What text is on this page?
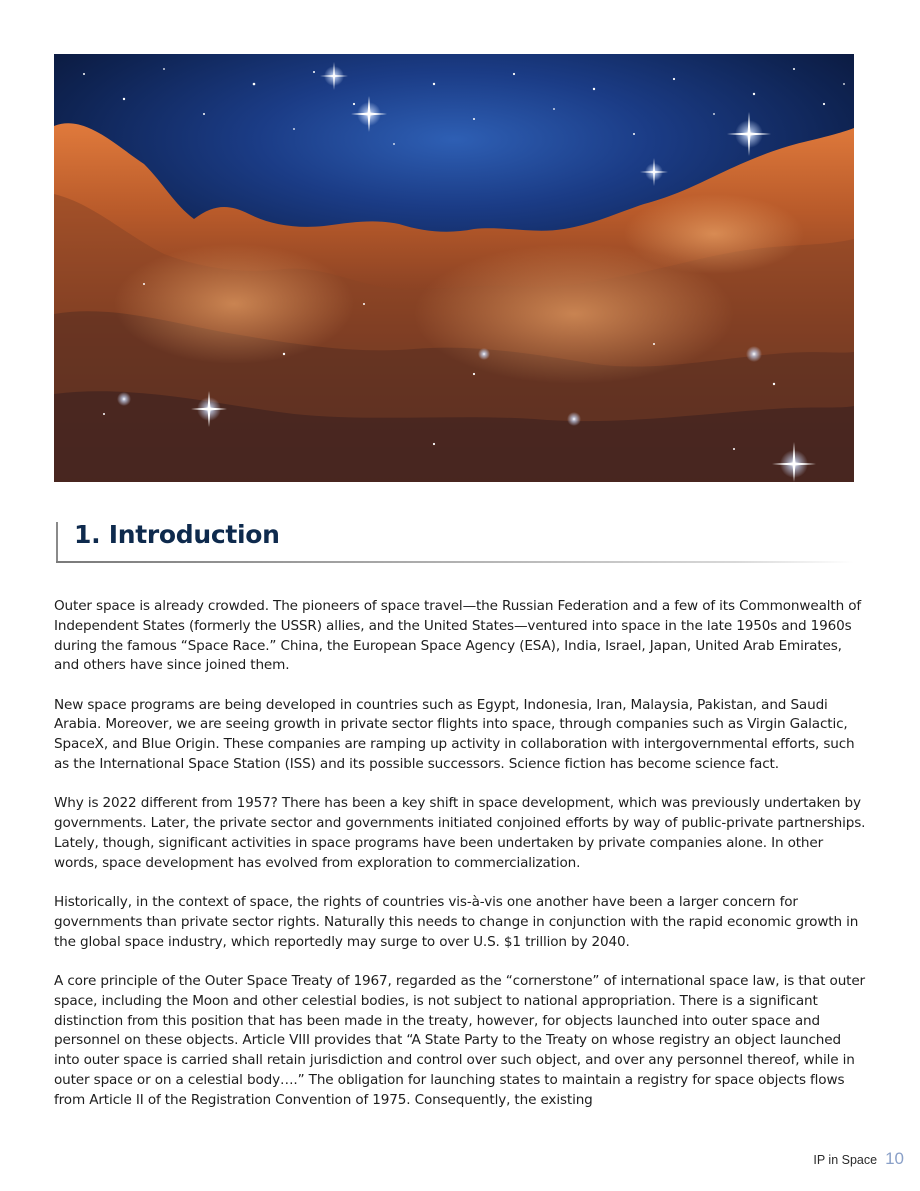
1. Introduction

Outer space is already crowded. The pioneers of space travel—the Russian Federation and a few of its Commonwealth of Independent States (formerly the USSR) allies, and the United States—ventured into space in the late 1950s and 1960s during the famous “Space Race.” China, the European Space Agency (ESA), India, Israel, Japan, United Arab Emirates, and others have since joined them.

New space programs are being developed in countries such as Egypt, Indonesia, Iran, Malaysia, Pakistan, and Saudi Arabia. Moreover, we are seeing growth in private sector flights into space, through companies such as Virgin Galactic, SpaceX, and Blue Origin. These companies are ramping up activity in collaboration with intergovernmental efforts, such as the International Space Station (ISS) and its possible successors. Science fiction has become science fact.

Why is 2022 different from 1957? There has been a key shift in space development, which was previously undertaken by governments. Later, the private sector and governments initiated conjoined efforts by way of public-private partnerships. Lately, though, significant activities in space programs have been undertaken by private companies alone. In other words, space development has evolved from exploration to commercialization.

Historically, in the context of space, the rights of countries vis-à-vis one another have been a larger concern for governments than private sector rights. Naturally this needs to change in conjunction with the rapid economic growth in the global space industry, which reportedly may surge to over U.S. $1 trillion by 2040.

A core principle of the Outer Space Treaty of 1967, regarded as the “cornerstone” of international space law, is that outer space, including the Moon and other celestial bodies, is not subject to national appropriation. There is a significant distinction from this position that has been made in the treaty, however, for objects launched into outer space and personnel on these objects. Article VIII provides that “A State Party to the Treaty on whose registry an object launched into outer space is carried shall retain jurisdiction and control over such object, and over any personnel thereof, while in outer space or on a celestial body….” The obligation for launching states to maintain a registry for space objects flows from Article II of the Registration Convention of 1975. Consequently, the existing

IP in Space 10
